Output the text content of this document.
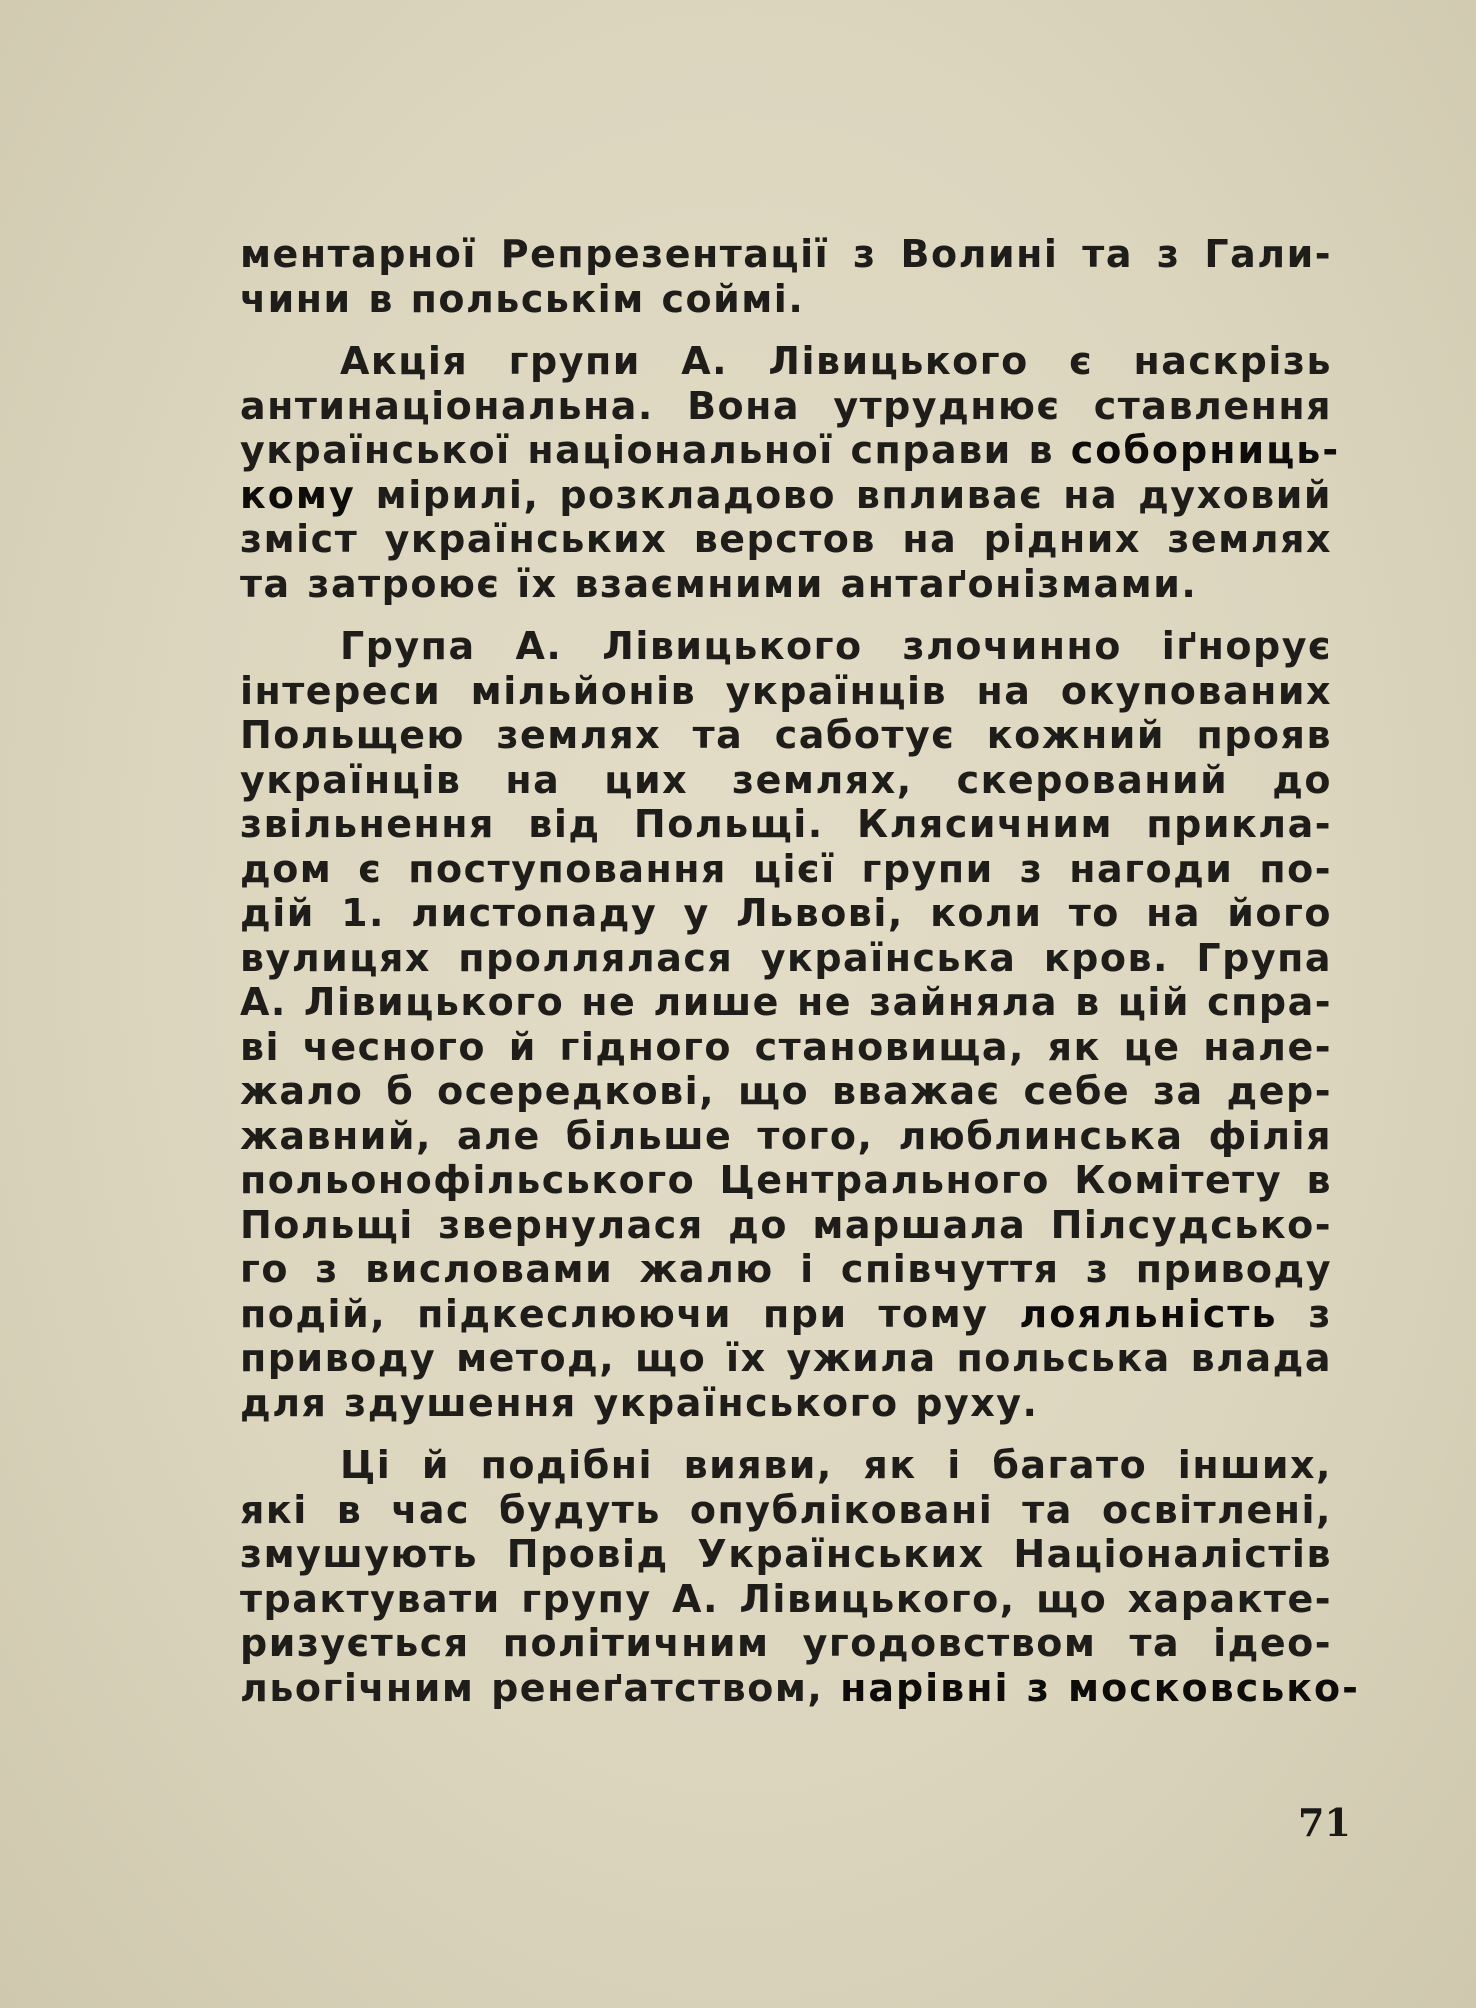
ментарної Репрезентації з Волині та з Гали-
чини в польськім соймі.
Акція групи А. Лівицького є наскрізь
антинаціональна. Вона утруднює ставлення
української національної справи в соборниць-
кому мірилі, розкладово впливає на духовий
зміст українських верстов на рідних землях
та затроює їх взаємними антаґонізмами.
Група А. Лівицького злочинно іґнорує
інтереси мільйонів українців на окупованих
Польщею землях та саботує кожний прояв
українців на цих землях, скерований до
звільнення від Польщі. Клясичним прикла-
дом є поступовання цієї групи з нагоди по-
дій 1. листопаду у Львові, коли то на його
вулицях проллялася українська кров. Група
А. Лівицького не лише не зайняла в цій спра-
ві чесного й гідного становища, як це нале-
жало б осередкові, що вважає себе за дер-
жавний, але більше того, люблинська філія
польонофільського Центрального Комітету в
Польщі звернулася до маршала Пілсудсько-
го з висловами жалю і співчуття з приводу
подій, підкеслюючи при тому лояльність з
приводу метод, що їх ужила польська влада
для здушення українського руху.
Ці й подібні вияви, як і багато інших,
які в час будуть опубліковані та освітлені,
змушують Провід Українських Націоналістів
трактувати групу А. Лівицького, що характе-
ризується політичним угодовством та ідео-
льогічним ренеґатством, нарівні з московсько-
71
